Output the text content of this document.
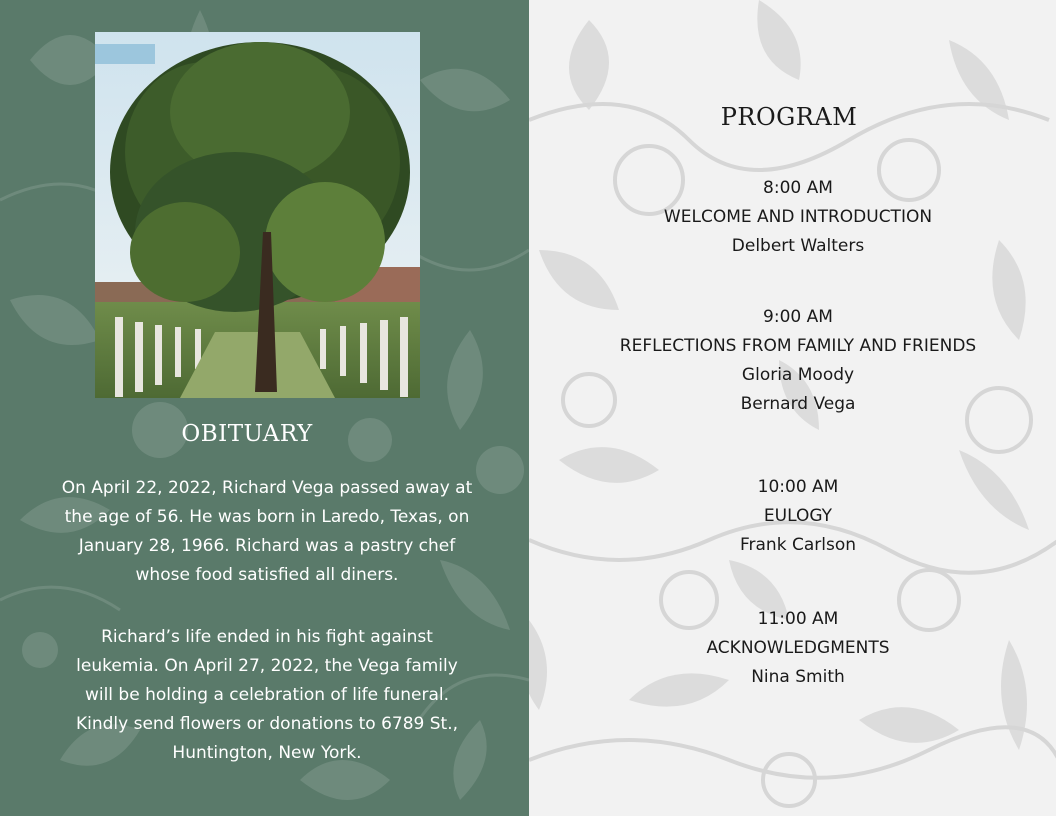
OBITUARY

On April 22, 2022, Richard Vega passed away at the age of 56. He was born in Laredo, Texas, on January 28, 1966. Richard was a pastry chef whose food satisfied all diners.

Richard’s life ended in his fight against leukemia. On April 27, 2022, the Vega family will be holding a celebration of life funeral. Kindly send flowers or donations to 6789 St., Huntington, New York.

PROGRAM
8:00 AM
WELCOME AND INTRODUCTION
Delbert Walters
9:00 AM
REFLECTIONS FROM FAMILY AND FRIENDS
Gloria Moody
Bernard Vega
10:00 AM
EULOGY
Frank Carlson
11:00 AM
ACKNOWLEDGMENTS
Nina Smith
